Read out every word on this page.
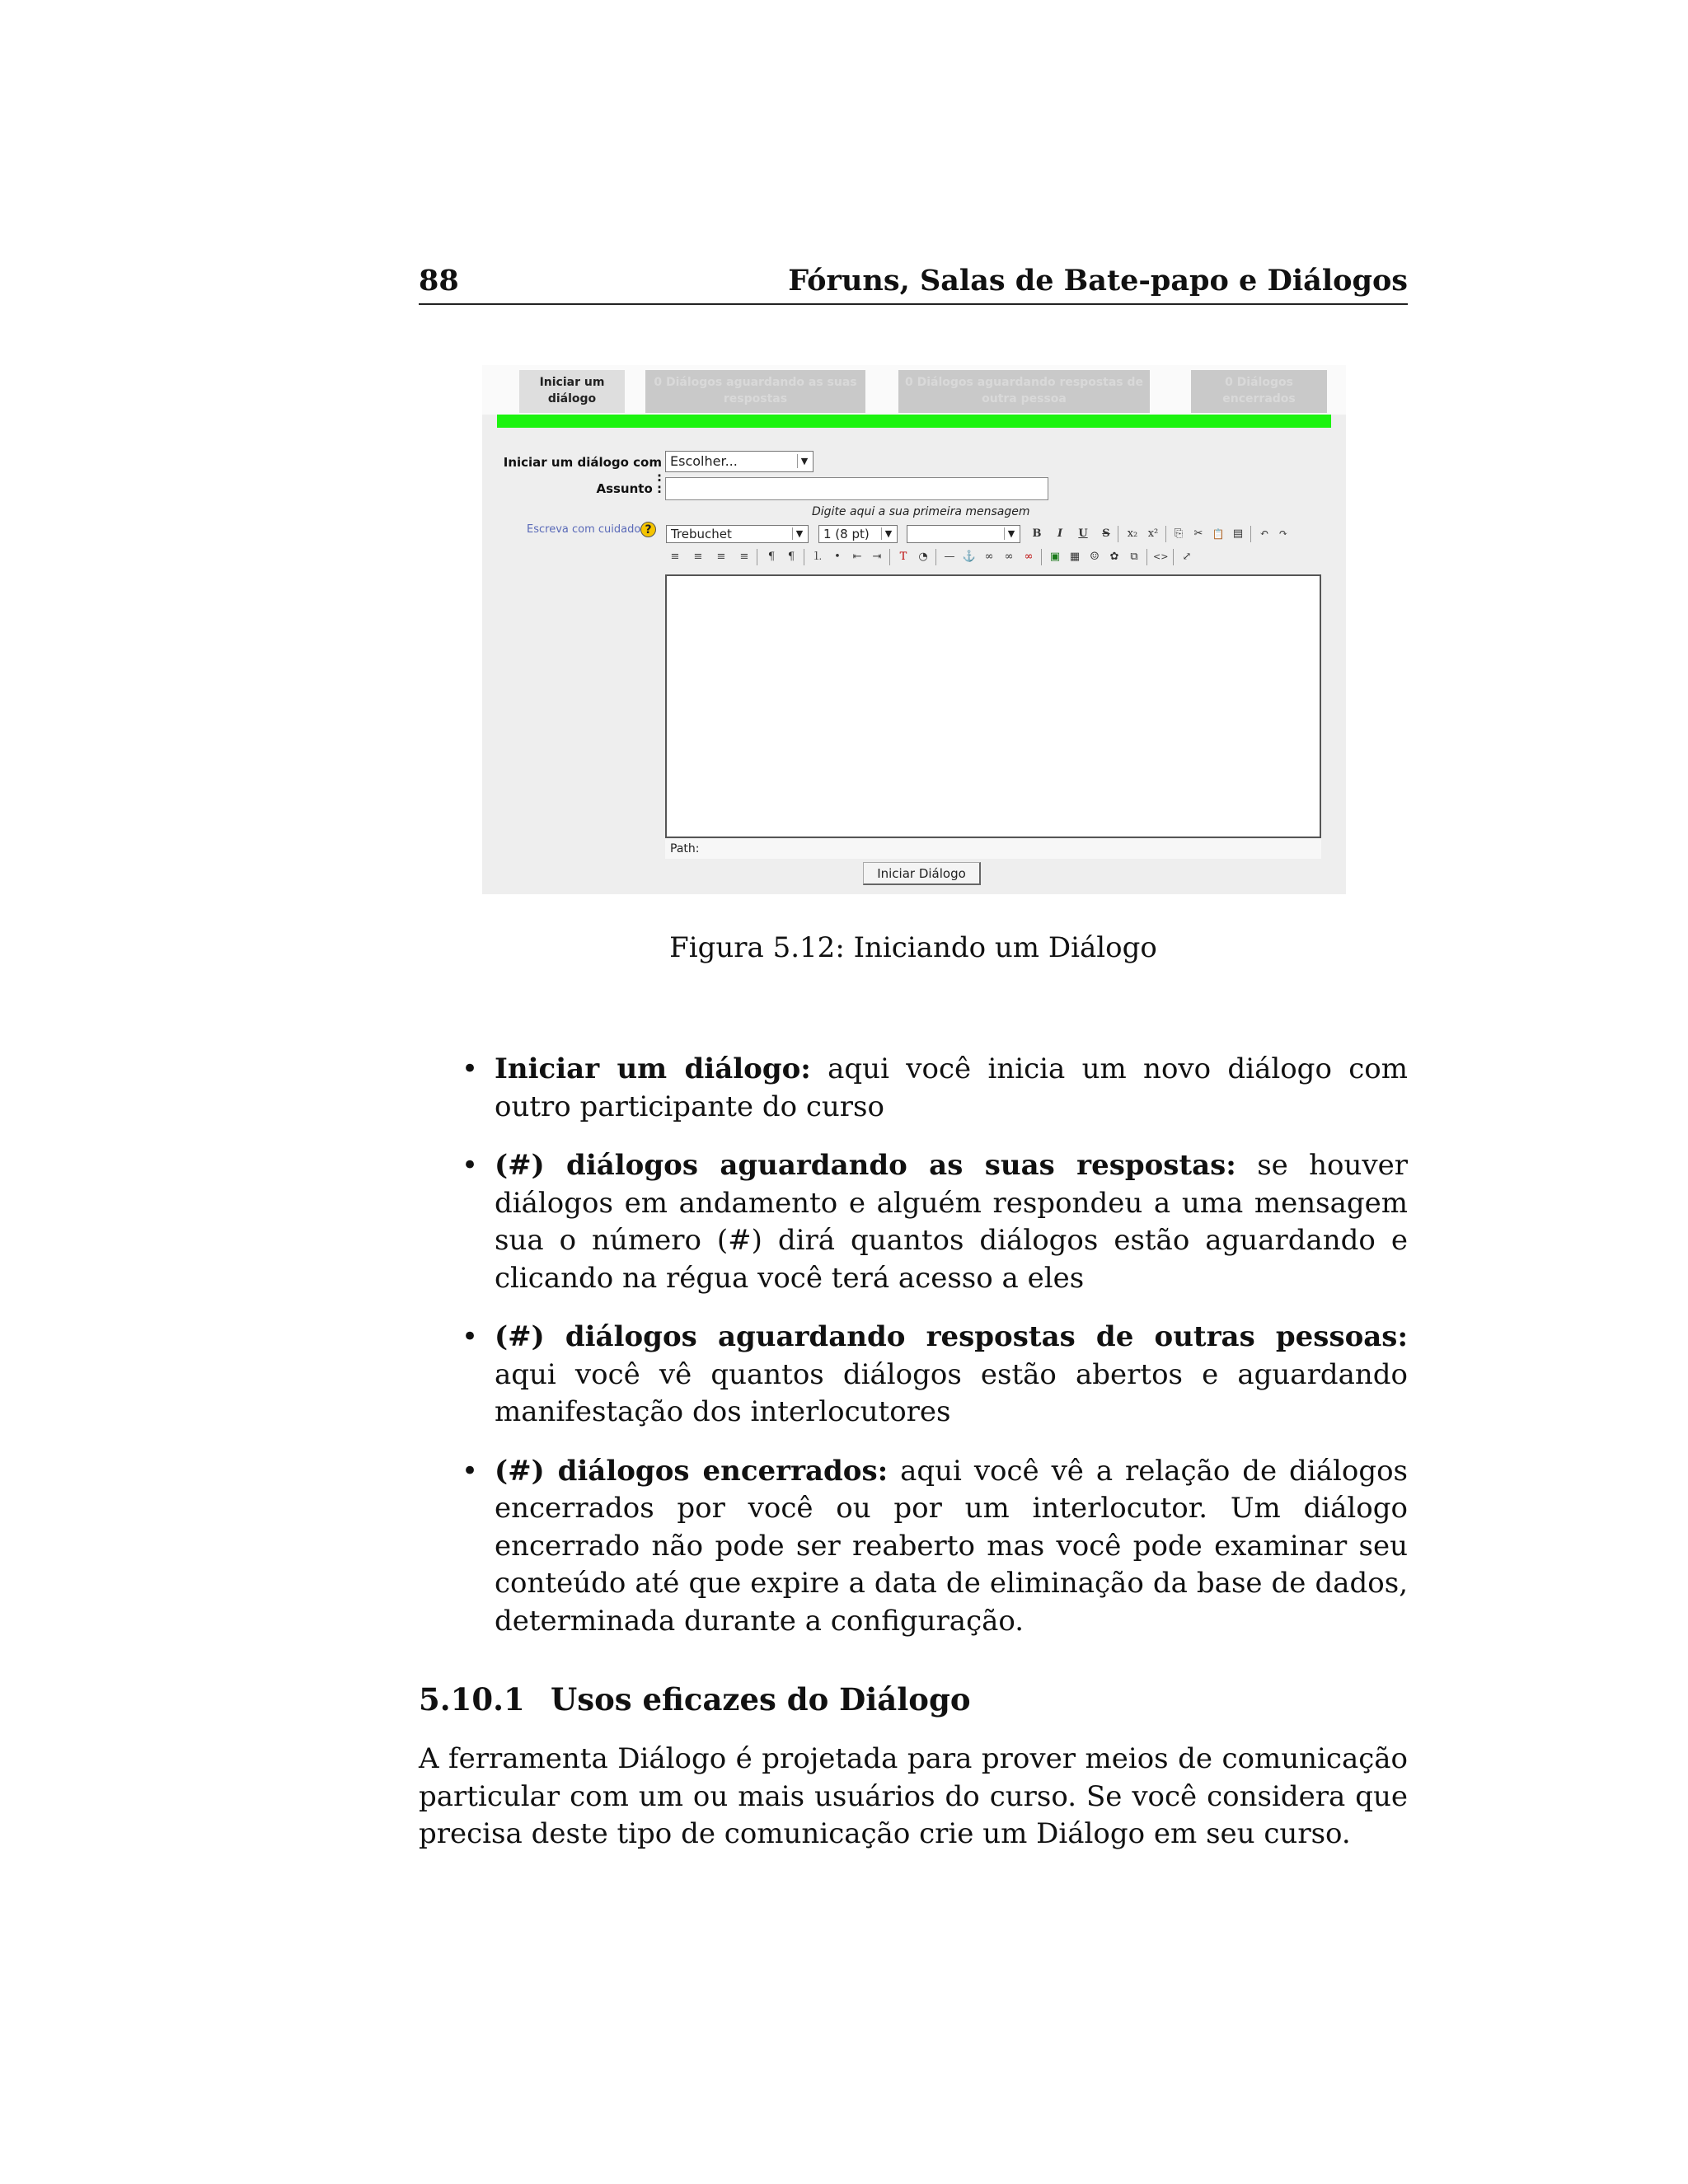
88	Fóruns, Salas de Bate-papo e Diálogos
Iniciar um diálogo
0 Diálogos aguardando as suas respostas
0 Diálogos aguardando respostas de outra pessoa
0 Diálogos encerrados
Iniciar um diálogo com :
Escolher...	▼
Assunto :
Digite aqui a sua primeira mensagem
Escreva com cuidado ?	Trebuchet	▼	1 (8 pt)	▼	▼ B	I	U	S	x₂ x² ⎘ ✂ 📋 ▤ ↶ ↷
≡ ≡ ≡ ≡	¶	¶	⒈	•	⇤ ⇥	T	◔ — ⚓ ∞ ∞ ∞ ▣ ▦ ☺ ✿	⧉	<> ⤢
Path:
Iniciar Diálogo
Figura 5.12: Iniciando um Diálogo
• Iniciar um diálogo: aqui você inicia um novo diálogo com outro participante do curso
• (#) diálogos aguardando as suas respostas: se houver diálogos em andamento e alguém respondeu a uma mensagem sua o número (#) dirá quantos diálogos estão aguardando e clicando na régua você terá acesso a eles
• (#) diálogos aguardando respostas de outras pessoas: aqui você vê quantos diálogos estão abertos e aguardando manifestação dos interlocutores
• (#) diálogos encerrados: aqui você vê a relação de diálogos encerrados por você ou por um interlocutor. Um diálogo encerrado não pode ser reaberto mas você pode examinar seu conteúdo até que expire a data de eliminação da base de dados, determinada durante a configuração.
5.10.1 Usos eficazes do Diálogo
A ferramenta Diálogo é projetada para prover meios de comunicação particular com um ou mais usuários do curso. Se você considera que precisa deste tipo de comunicação crie um Diálogo em seu curso.
